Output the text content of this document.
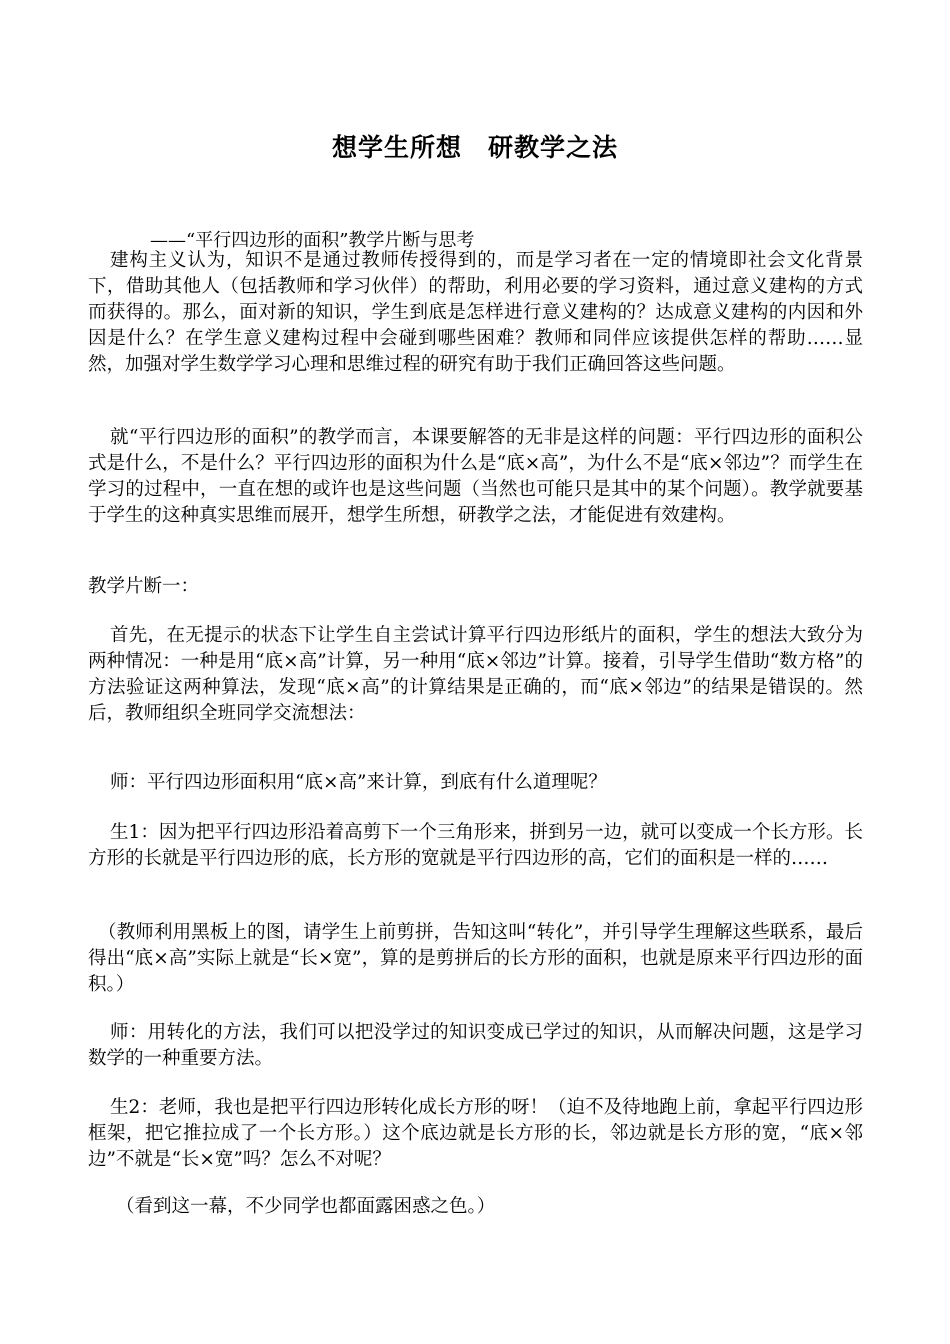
想学生所想　研教学之法
——“平行四边形的面积”教学片断与思考
建构主义认为，知识不是通过教师传授得到的，而是学习者在一定的情境即社会文化背景下，借助其他人（包括教师和学习伙伴）的帮助，利用必要的学习资料，通过意义建构的方式而获得的。那么，面对新的知识，学生到底是怎样进行意义建构的？达成意义建构的内因和外因是什么？在学生意义建构过程中会碰到哪些困难？教师和同伴应该提供怎样的帮助……显然，加强对学生数学学习心理和思维过程的研究有助于我们正确回答这些问题。
就“平行四边形的面积”的教学而言，本课要解答的无非是这样的问题：平行四边形的面积公式是什么，不是什么？平行四边形的面积为什么是“底×高”，为什么不是“底×邻边”？而学生在学习的过程中，一直在想的或许也是这些问题（当然也可能只是其中的某个问题）。教学就要基于学生的这种真实思维而展开，想学生所想，研教学之法，才能促进有效建构。
教学片断一：
首先，在无提示的状态下让学生自主尝试计算平行四边形纸片的面积，学生的想法大致分为两种情况：一种是用“底×高”计算，另一种用“底×邻边”计算。接着，引导学生借助“数方格”的方法验证这两种算法，发现“底×高”的计算结果是正确的，而“底×邻边”的结果是错误的。然后，教师组织全班同学交流想法：
师：平行四边形面积用“底×高”来计算，到底有什么道理呢？
生1：因为把平行四边形沿着高剪下一个三角形来，拼到另一边，就可以变成一个长方形。长方形的长就是平行四边形的底，长方形的宽就是平行四边形的高，它们的面积是一样的……
（教师利用黑板上的图，请学生上前剪拼，告知这叫“转化”，并引导学生理解这些联系，最后得出“底×高”实际上就是“长×宽”，算的是剪拼后的长方形的面积，也就是原来平行四边形的面积。）
师：用转化的方法，我们可以把没学过的知识变成已学过的知识，从而解决问题，这是学习数学的一种重要方法。
生2：老师，我也是把平行四边形转化成长方形的呀！（迫不及待地跑上前，拿起平行四边形框架，把它推拉成了一个长方形。）这个底边就是长方形的长，邻边就是长方形的宽，“底×邻边”不就是“长×宽”吗？怎么不对呢？
（看到这一幕，不少同学也都面露困惑之色。）
